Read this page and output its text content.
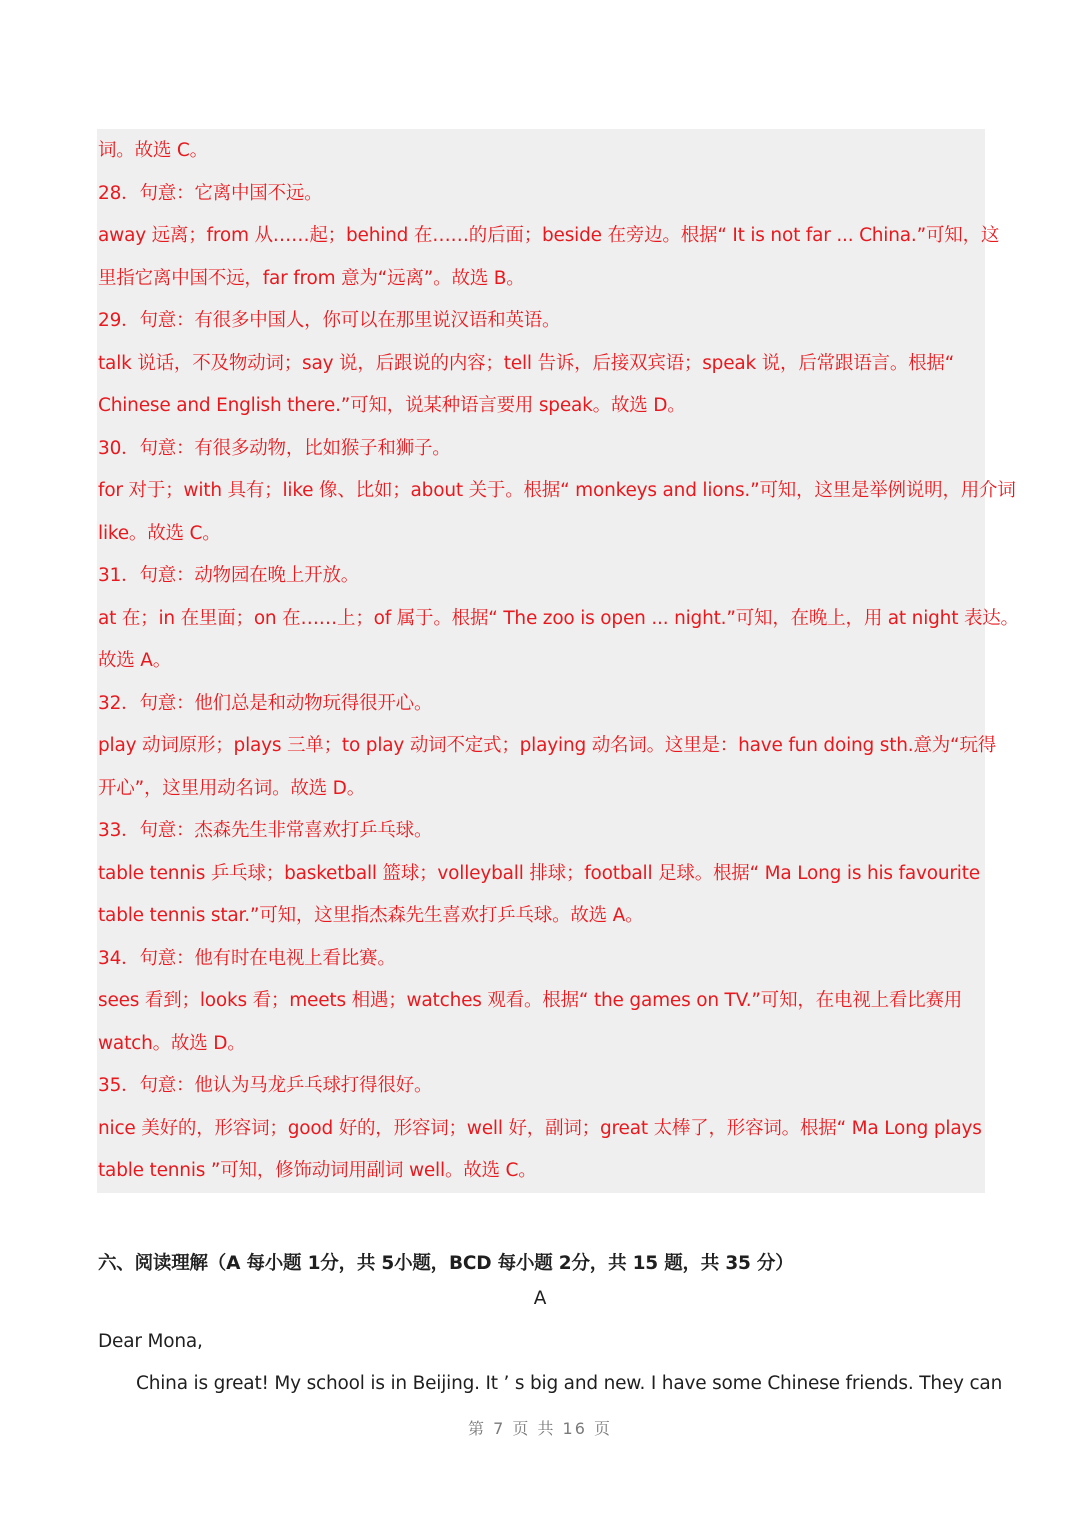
词。故选 C。
28．句意：它离中国不远。
away 远离；from 从……起；behind 在……的后面；beside 在旁边。根据“ It is not far ... China.”可知，这
里指它离中国不远，far from 意为“远离”。故选 B。
29．句意：有很多中国人，你可以在那里说汉语和英语。
talk 说话，不及物动词；say 说，后跟说的内容；tell 告诉，后接双宾语；speak 说，后常跟语言。根据“
Chinese and English there.”可知，说某种语言要用 speak。故选 D。
30．句意：有很多动物，比如猴子和狮子。
for 对于；with 具有；like 像、比如；about 关于。根据“ monkeys and lions.”可知，这里是举例说明，用介词
like。故选 C。
31．句意：动物园在晚上开放。
at 在；in 在里面；on 在……上；of 属于。根据“ The zoo is open ... night.”可知，在晚上，用 at night 表达。
故选 A。
32．句意：他们总是和动物玩得很开心。
play 动词原形；plays 三单；to play 动词不定式；playing 动名词。这里是：have fun doing sth.意为“玩得
开心”，这里用动名词。故选 D。
33．句意：杰森先生非常喜欢打乒乓球。
table tennis 乒乓球；basketball 篮球；volleyball 排球；football 足球。根据“ Ma Long is his favourite
table tennis star.”可知，这里指杰森先生喜欢打乒乓球。故选 A。
34．句意：他有时在电视上看比赛。
sees 看到；looks 看；meets 相遇；watches 观看。根据“ the games on TV.”可知，在电视上看比赛用
watch。故选 D。
35．句意：他认为马龙乒乓球打得很好。
nice 美好的，形容词；good 好的，形容词；well 好，副词；great 太棒了，形容词。根据“ Ma Long plays
table tennis ”可知，修饰动词用副词 well。故选 C。
六、阅读理解（A 每小题 1分，共 5小题，BCD 每小题 2分，共 15 题，共 35 分）
A
Dear Mona,
China is great! My school is in Beijing. It ’ s big and new. I have some Chinese friends. They can
第 7 页 共 16 页
